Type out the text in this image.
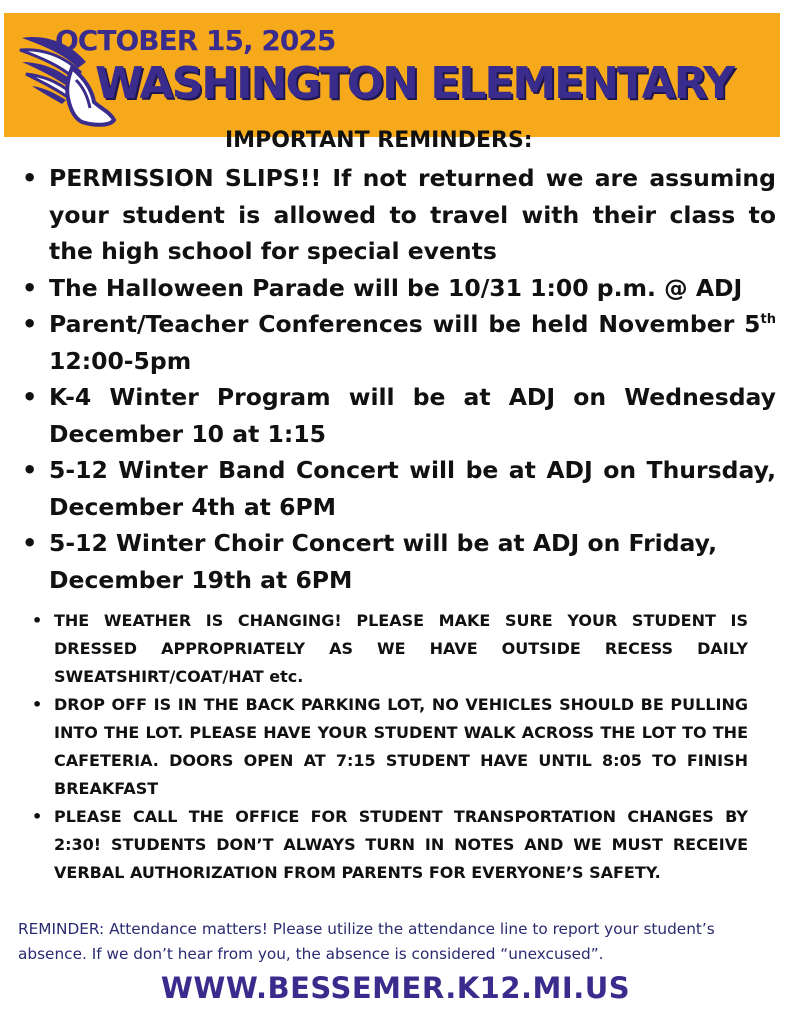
OCTOBER 15, 2025
WASHINGTON ELEMENTARY
IMPORTANT REMINDERS:
• PERMISSION SLIPS!! If not returned we are assuming your student is allowed to travel with their class to the high school for special events
• The Halloween Parade will be 10/31 1:00 p.m. @ ADJ
• Parent/Teacher Conferences will be held November 5th 12:00-5pm
• K-4 Winter Program will be at ADJ on Wednesday December 10 at 1:15
• 5-12 Winter Band Concert will be at ADJ on Thursday, December 4th at 6PM
• 5-12 Winter Choir Concert will be at ADJ on Friday, December 19th at 6PM
• THE WEATHER IS CHANGING! PLEASE MAKE SURE YOUR STUDENT IS DRESSED APPROPRIATELY AS WE HAVE OUTSIDE RECESS DAILY SWEATSHIRT/COAT/HAT etc.
• DROP OFF IS IN THE BACK PARKING LOT, NO VEHICLES SHOULD BE PULLING INTO THE LOT. PLEASE HAVE YOUR STUDENT WALK ACROSS THE LOT TO THE CAFETERIA. DOORS OPEN AT 7:15 STUDENT HAVE UNTIL 8:05 TO FINISH BREAKFAST
• PLEASE CALL THE OFFICE FOR STUDENT TRANSPORTATION CHANGES BY 2:30! STUDENTS DON’T ALWAYS TURN IN NOTES AND WE MUST RECEIVE VERBAL AUTHORIZATION FROM PARENTS FOR EVERYONE’S SAFETY.
REMINDER: Attendance matters! Please utilize the attendance line to report your student’s absence. If we don’t hear from you, the absence is considered “unexcused”.
WWW.BESSEMER.K12.MI.US
